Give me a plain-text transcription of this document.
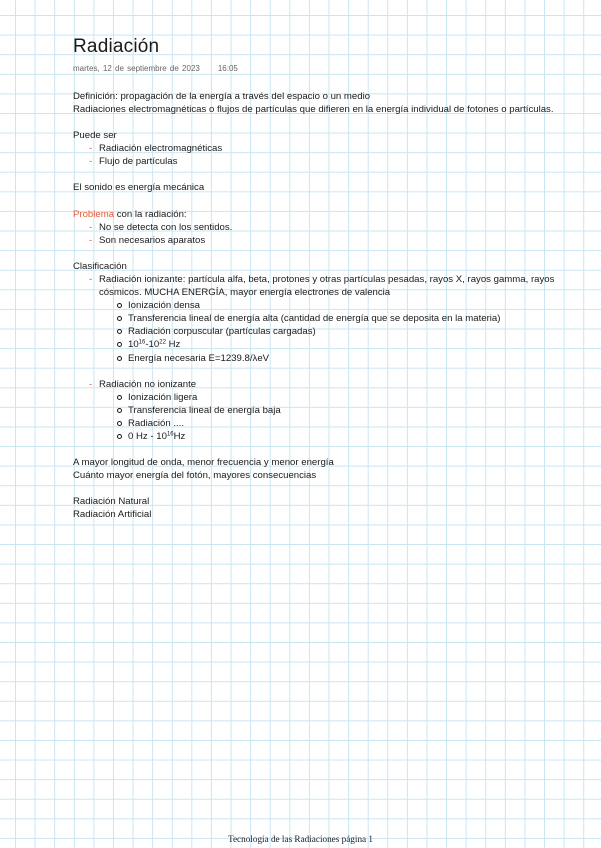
Radiación
martes, 12 de septiembre de 2023 16:05

Definición: propagación de la energía a través del espacio o un medio

Radiaciones electromagnéticas o flujos de partículas que difieren en la energía individual de fotones o partículas.

Puede ser

- Radiación electromagnéticas
- Flujo de partículas

El sonido es energía mecánica

Problema con la radiación:

- No se detecta con los sentidos.
- Son necesarios aparatos

Clasificación

- Radiación ionizante: partícula alfa, beta, protones y otras partículas pesadas, rayos X, rayos gamma, rayos cósmicos. MUCHA ENERGÍA, mayor energía electrones de valencia
Ionización densa
Transferencia lineal de energía alta (cantidad de energía que se deposita en la materia)
Radiación corpuscular (partículas cargadas)
$10^{16}-10^{22}$ Hz
Energía necesaria E=1239.8/λeV
- Radiación no ionizante
Ionización ligera
Transferencia lineal de energía baja
Radiación ....
0 Hz - $10^{16}Hz$

A mayor longitud de onda, menor frecuencia y menor energía

Cuánto mayor energía del fotón, mayores consecuencias

Radiación Natural

Radiación Artificial

Tecnología de las Radiaciones página 1
